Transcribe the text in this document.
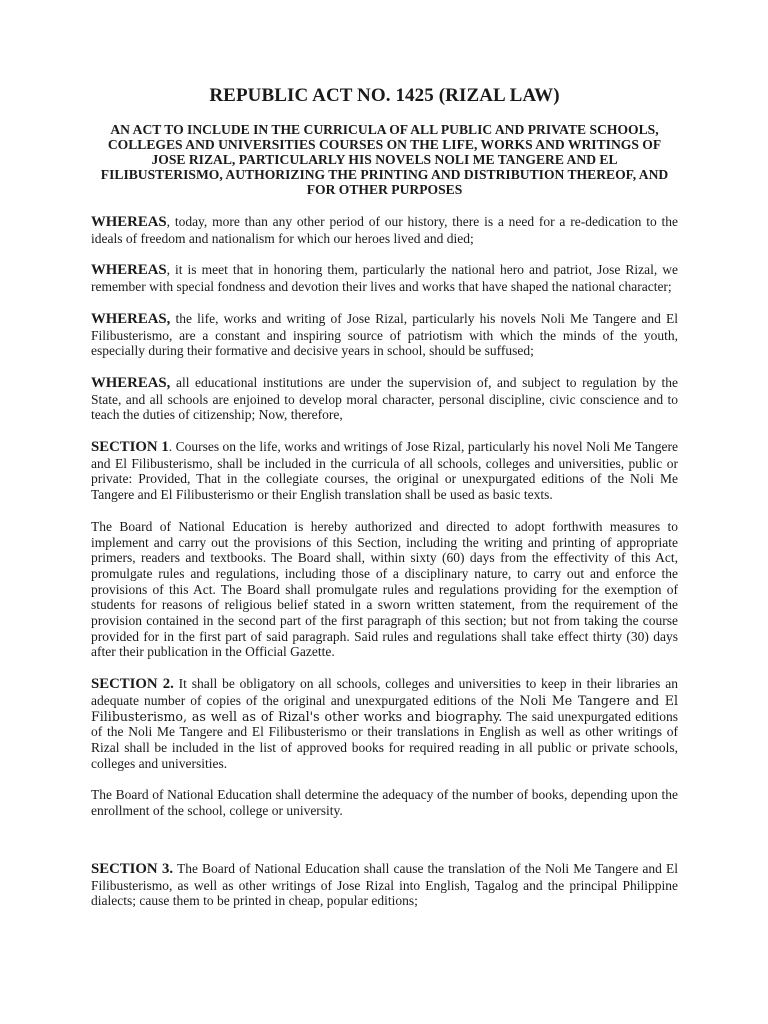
REPUBLIC ACT NO. 1425 (RIZAL LAW)
AN ACT TO INCLUDE IN THE CURRICULA OF ALL PUBLIC AND PRIVATE SCHOOLS, COLLEGES AND UNIVERSITIES COURSES ON THE LIFE, WORKS AND WRITINGS OF JOSE RIZAL, PARTICULARLY HIS NOVELS NOLI ME TANGERE AND EL FILIBUSTERISMO, AUTHORIZING THE PRINTING AND DISTRIBUTION THEREOF, AND FOR OTHER PURPOSES

WHEREAS, today, more than any other period of our history, there is a need for a re-dedication to the ideals of freedom and nationalism for which our heroes lived and died;

WHEREAS, it is meet that in honoring them, particularly the national hero and patriot, Jose Rizal, we remember with special fondness and devotion their lives and works that have shaped the national character;

WHEREAS, the life, works and writing of Jose Rizal, particularly his novels Noli Me Tangere and El Filibusterismo, are a constant and inspiring source of patriotism with which the minds of the youth, especially during their formative and decisive years in school, should be suffused;

WHEREAS, all educational institutions are under the supervision of, and subject to regulation by the State, and all schools are enjoined to develop moral character, personal discipline, civic conscience and to teach the duties of citizenship; Now, therefore,

SECTION 1. Courses on the life, works and writings of Jose Rizal, particularly his novel Noli Me Tangere and El Filibusterismo, shall be included in the curricula of all schools, colleges and universities, public or private: Provided, That in the collegiate courses, the original or unexpurgated editions of the Noli Me Tangere and El Filibusterismo or their English translation shall be used as basic texts.

The Board of National Education is hereby authorized and directed to adopt forthwith measures to implement and carry out the provisions of this Section, including the writing and printing of appropriate primers, readers and textbooks. The Board shall, within sixty (60) days from the effectivity of this Act, promulgate rules and regulations, including those of a disciplinary nature, to carry out and enforce the provisions of this Act. The Board shall promulgate rules and regulations providing for the exemption of students for reasons of religious belief stated in a sworn written statement, from the requirement of the provision contained in the second part of the first paragraph of this section; but not from taking the course provided for in the first part of said paragraph. Said rules and regulations shall take effect thirty (30) days after their publication in the Official Gazette.

SECTION 2. It shall be obligatory on all schools, colleges and universities to keep in their libraries an adequate number of copies of the original and unexpurgated editions of the Noli Me Tangere and El Filibusterismo, as well as of Rizal's other works and biography. The said unexpurgated editions of the Noli Me Tangere and El Filibusterismo or their translations in English as well as other writings of Rizal shall be included in the list of approved books for required reading in all public or private schools, colleges and universities.

The Board of National Education shall determine the adequacy of the number of books, depending upon the enrollment of the school, college or university.

SECTION 3. The Board of National Education shall cause the translation of the Noli Me Tangere and El Filibusterismo, as well as other writings of Jose Rizal into English, Tagalog and the principal Philippine dialects; cause them to be printed in cheap, popular editions;
